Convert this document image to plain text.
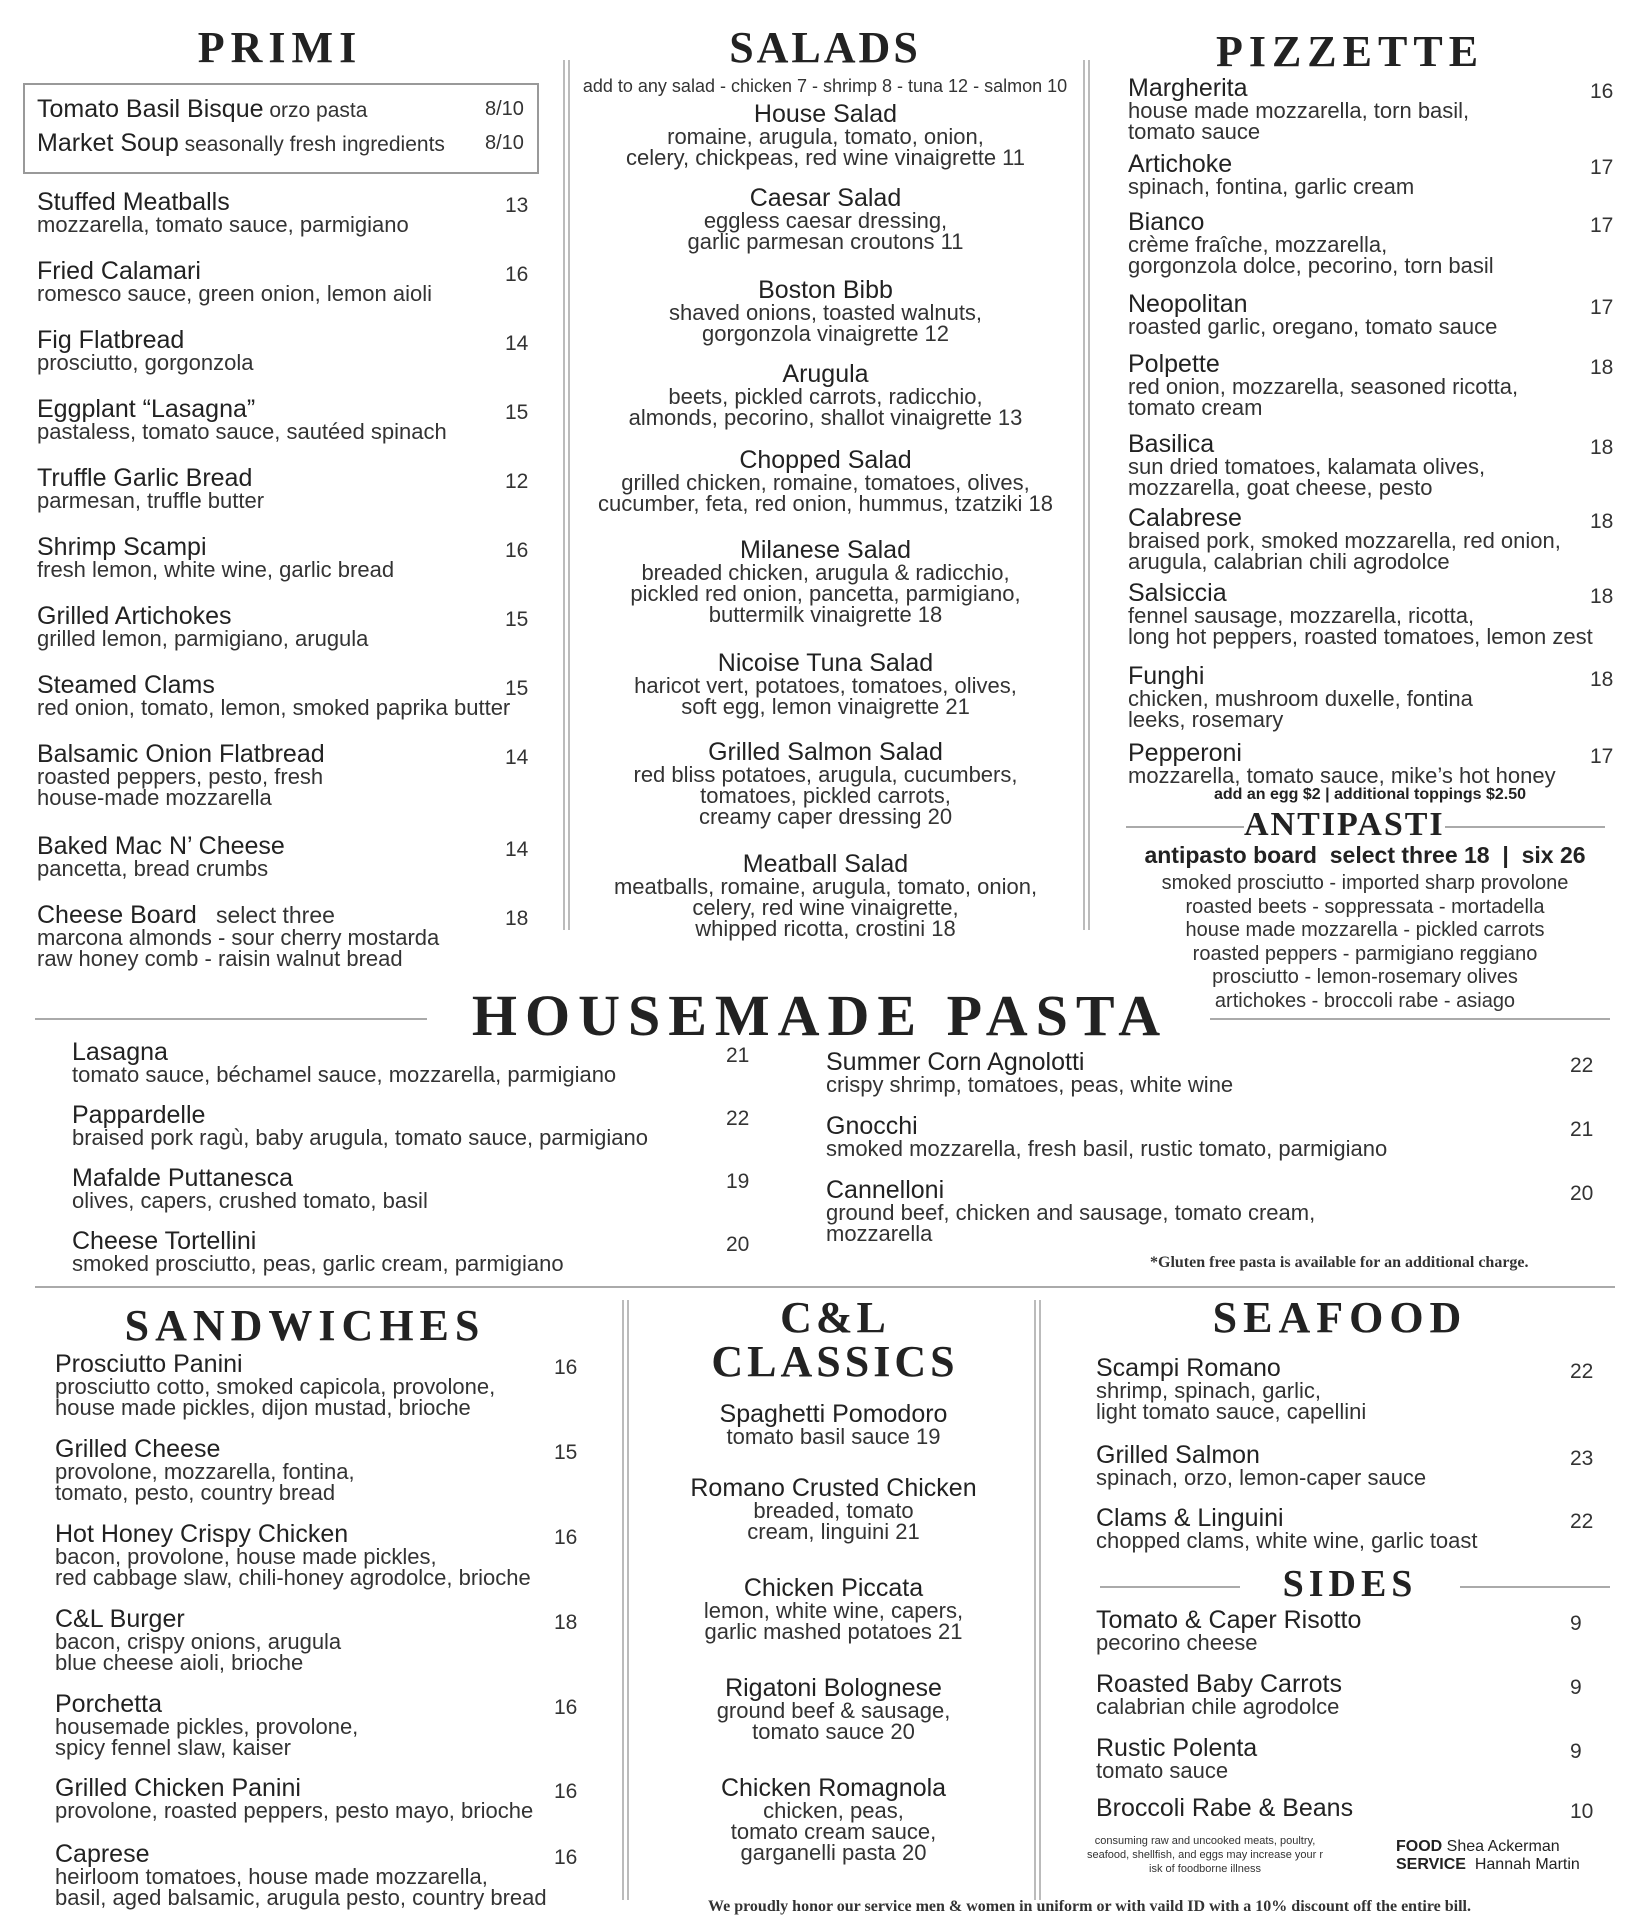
PRIMI
Tomato Basil Bisque orzo pasta	8/10
Market Soup seasonally fresh ingredients	8/10
Stuffed Meatballs
mozzarella, tomato sauce, parmigiano
13
Fried Calamari
romesco sauce, green onion, lemon aioli
16
Fig Flatbread
prosciutto, gorgonzola
14
Eggplant “Lasagna”
pastaless, tomato sauce, sautéed spinach
15
Truffle Garlic Bread
parmesan, truffle butter
12
Shrimp Scampi
fresh lemon, white wine, garlic bread
16
Grilled Artichokes
grilled lemon, parmigiano, arugula
15
Steamed Clams
red onion, tomato, lemon, smoked paprika butter
15
Balsamic Onion Flatbread
roasted peppers, pesto, fresh
house-made mozzarella
14
Baked Mac N’ Cheese
pancetta, bread crumbs
14
Cheese Board   select three
marcona almonds - sour cherry mostarda
raw honey comb - raisin walnut bread
18
SALADS
add to any salad - chicken 7 - shrimp 8 - tuna 12 - salmon 10
House Salad
romaine, arugula, tomato, onion,
celery, chickpeas, red wine vinaigrette 11
Caesar Salad
eggless caesar dressing,
garlic parmesan croutons 11
Boston Bibb
shaved onions, toasted walnuts,
gorgonzola vinaigrette 12
Arugula
beets, pickled carrots, radicchio,
almonds, pecorino, shallot vinaigrette 13
Chopped Salad
grilled chicken, romaine, tomatoes, olives,
cucumber, feta, red onion, hummus, tzatziki 18
Milanese Salad
breaded chicken, arugula & radicchio,
pickled red onion, pancetta, parmigiano,
buttermilk vinaigrette 18
Nicoise Tuna Salad
haricot vert, potatoes, tomatoes, olives,
soft egg, lemon vinaigrette 21
Grilled Salmon Salad
red bliss potatoes, arugula, cucumbers,
tomatoes, pickled carrots,
creamy caper dressing 20
Meatball Salad
meatballs, romaine, arugula, tomato, onion,
celery, red wine vinaigrette,
whipped ricotta, crostini 18
PIZZETTE
Margherita
house made mozzarella, torn basil,
tomato sauce
16
Artichoke
spinach, fontina, garlic cream
17
Bianco
crème fraîche, mozzarella,
gorgonzola dolce, pecorino, torn basil
17
Neopolitan
roasted garlic, oregano, tomato sauce
17
Polpette
red onion, mozzarella, seasoned ricotta,
tomato cream
18
Basilica
sun dried tomatoes, kalamata olives,
mozzarella, goat cheese, pesto
18
Calabrese
braised pork, smoked mozzarella, red onion,
arugula, calabrian chili agrodolce
18
Salsiccia
fennel sausage, mozzarella, ricotta,
long hot peppers, roasted tomatoes, lemon zest
18
Funghi
chicken, mushroom duxelle, fontina
leeks, rosemary
18
Pepperoni
mozzarella, tomato sauce, mike’s hot honey
17
add an egg $2 | additional toppings $2.50
ANTIPASTI
antipasto board  select three 18  |  six 26
smoked prosciutto - imported sharp provolone
roasted beets - soppressata - mortadella
house made mozzarella - pickled carrots
roasted peppers - parmigiano reggiano
prosciutto - lemon-rosemary olives
artichokes - broccoli rabe - asiago
HOUSEMADE PASTA
Lasagna
tomato sauce, béchamel sauce, mozzarella, parmigiano
21
Pappardelle
braised pork ragù, baby arugula, tomato sauce, parmigiano
22
Mafalde Puttanesca
olives, capers, crushed tomato, basil
19
Cheese Tortellini
smoked prosciutto, peas, garlic cream, parmigiano
20
Summer Corn Agnolotti
crispy shrimp, tomatoes, peas, white wine
22
Gnocchi
smoked mozzarella, fresh basil, rustic tomato, parmigiano
21
Cannelloni
ground beef, chicken and sausage, tomato cream,
mozzarella
20
*Gluten free pasta is available for an additional charge.
SANDWICHES
Prosciutto Panini
prosciutto cotto, smoked capicola, provolone,
house made pickles, dijon mustad, brioche
16
Grilled Cheese
provolone, mozzarella, fontina,
tomato, pesto, country bread
15
Hot Honey Crispy Chicken
bacon, provolone, house made pickles,
red cabbage slaw, chili-honey agrodolce, brioche
16
C&L Burger
bacon, crispy onions, arugula
blue cheese aioli, brioche
18
Porchetta
housemade pickles, provolone,
spicy fennel slaw, kaiser
16
Grilled Chicken Panini
provolone, roasted peppers, pesto mayo, brioche
16
Caprese
heirloom tomatoes, house made mozzarella,
basil, aged balsamic, arugula pesto, country bread
16
C&L
CLASSICS
Spaghetti Pomodoro
tomato basil sauce 19
Romano Crusted Chicken
breaded, tomato
cream, linguini 21
Chicken Piccata
lemon, white wine, capers,
garlic mashed potatoes 21
Rigatoni Bolognese
ground beef & sausage,
tomato sauce 20
Chicken Romagnola
chicken, peas,
tomato cream sauce,
garganelli pasta 20
SEAFOOD
Scampi Romano
shrimp, spinach, garlic,
light tomato sauce, capellini
22
Grilled Salmon
spinach, orzo, lemon-caper sauce
23
Clams & Linguini
chopped clams, white wine, garlic toast
22
SIDES
Tomato & Caper Risotto
pecorino cheese
9
Roasted Baby Carrots
calabrian chile agrodolce
9
Rustic Polenta
tomato sauce
9
Broccoli Rabe & Beans	10
consuming raw and uncooked meats, poultry,
seafood, shellfish, and eggs may increase your r
isk of foodborne illness
FOOD Shea Ackerman
SERVICE Hannah Martin
We proudly honor our service men & women in uniform or with vaild ID with a 10% discount off the entire bill.
